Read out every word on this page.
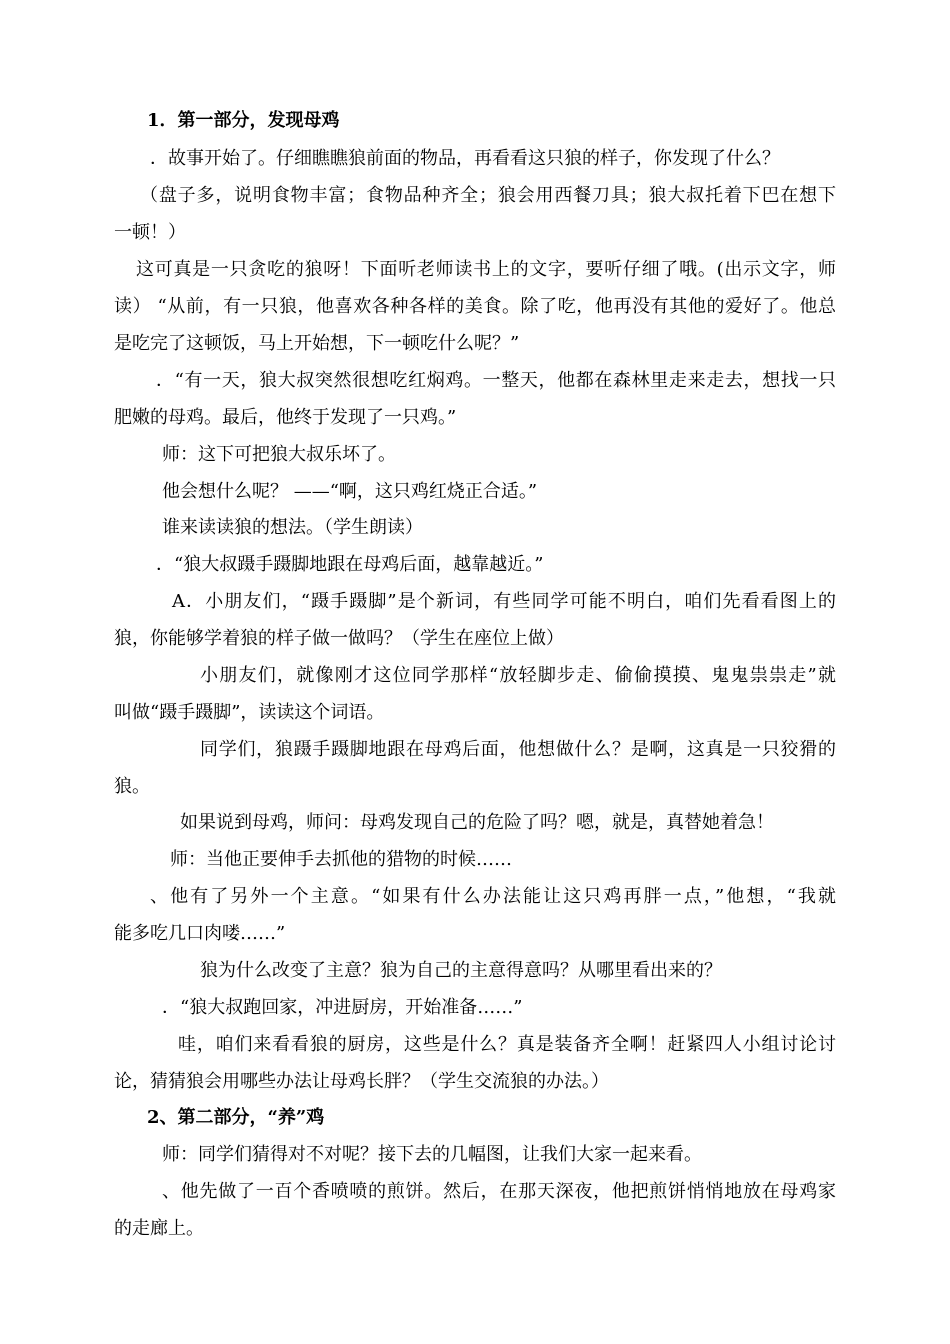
1．第一部分，发现母鸡
．故事开始了。仔细瞧瞧狼前面的物品，再看看这只狼的样子，你发现了什么？
（盘子多，说明食物丰富；食物品种齐全；狼会用西餐刀具；狼大叔托着下巴在想下
一顿！）
这可真是一只贪吃的狼呀！下面听老师读书上的文字，要听仔细了哦。(出示文字，师
读） “从前，有一只狼，他喜欢各种各样的美食。除了吃，他再没有其他的爱好了。他总
是吃完了这顿饭，马上开始想，下一顿吃什么呢？”
．“有一天，狼大叔突然很想吃红焖鸡。一整天，他都在森林里走来走去，想找一只
肥嫩的母鸡。最后，他终于发现了一只鸡。”
师：这下可把狼大叔乐坏了。
他会想什么呢？ ——“啊，这只鸡红烧正合适。”
谁来读读狼的想法。（学生朗读）
．“狼大叔蹑手蹑脚地跟在母鸡后面，越靠越近。”
A．小朋友们，“蹑手蹑脚”是个新词，有些同学可能不明白，咱们先看看图上的
狼，你能够学着狼的样子做一做吗？（学生在座位上做）
小朋友们，就像刚才这位同学那样“放轻脚步走、偷偷摸摸、鬼鬼祟祟走”就
叫做“蹑手蹑脚”，读读这个词语。
同学们，狼蹑手蹑脚地跟在母鸡后面，他想做什么？是啊，这真是一只狡猾的
狼。
如果说到母鸡，师问：母鸡发现自己的危险了吗？嗯，就是，真替她着急！
师：当他正要伸手去抓他的猎物的时候……
、他有了另外一个主意。“如果有什么办法能让这只鸡再胖一点，”他想，“我就
能多吃几口肉喽……”
狼为什么改变了主意？狼为自己的主意得意吗？从哪里看出来的？
．“狼大叔跑回家，冲进厨房，开始准备……”
哇，咱们来看看狼的厨房，这些是什么？真是装备齐全啊！赶紧四人小组讨论讨
论，猜猜狼会用哪些办法让母鸡长胖？（学生交流狼的办法。）
2、第二部分，“养”鸡
师：同学们猜得对不对呢？接下去的几幅图，让我们大家一起来看。
、他先做了一百个香喷喷的煎饼。然后，在那天深夜，他把煎饼悄悄地放在母鸡家
的走廊上。
